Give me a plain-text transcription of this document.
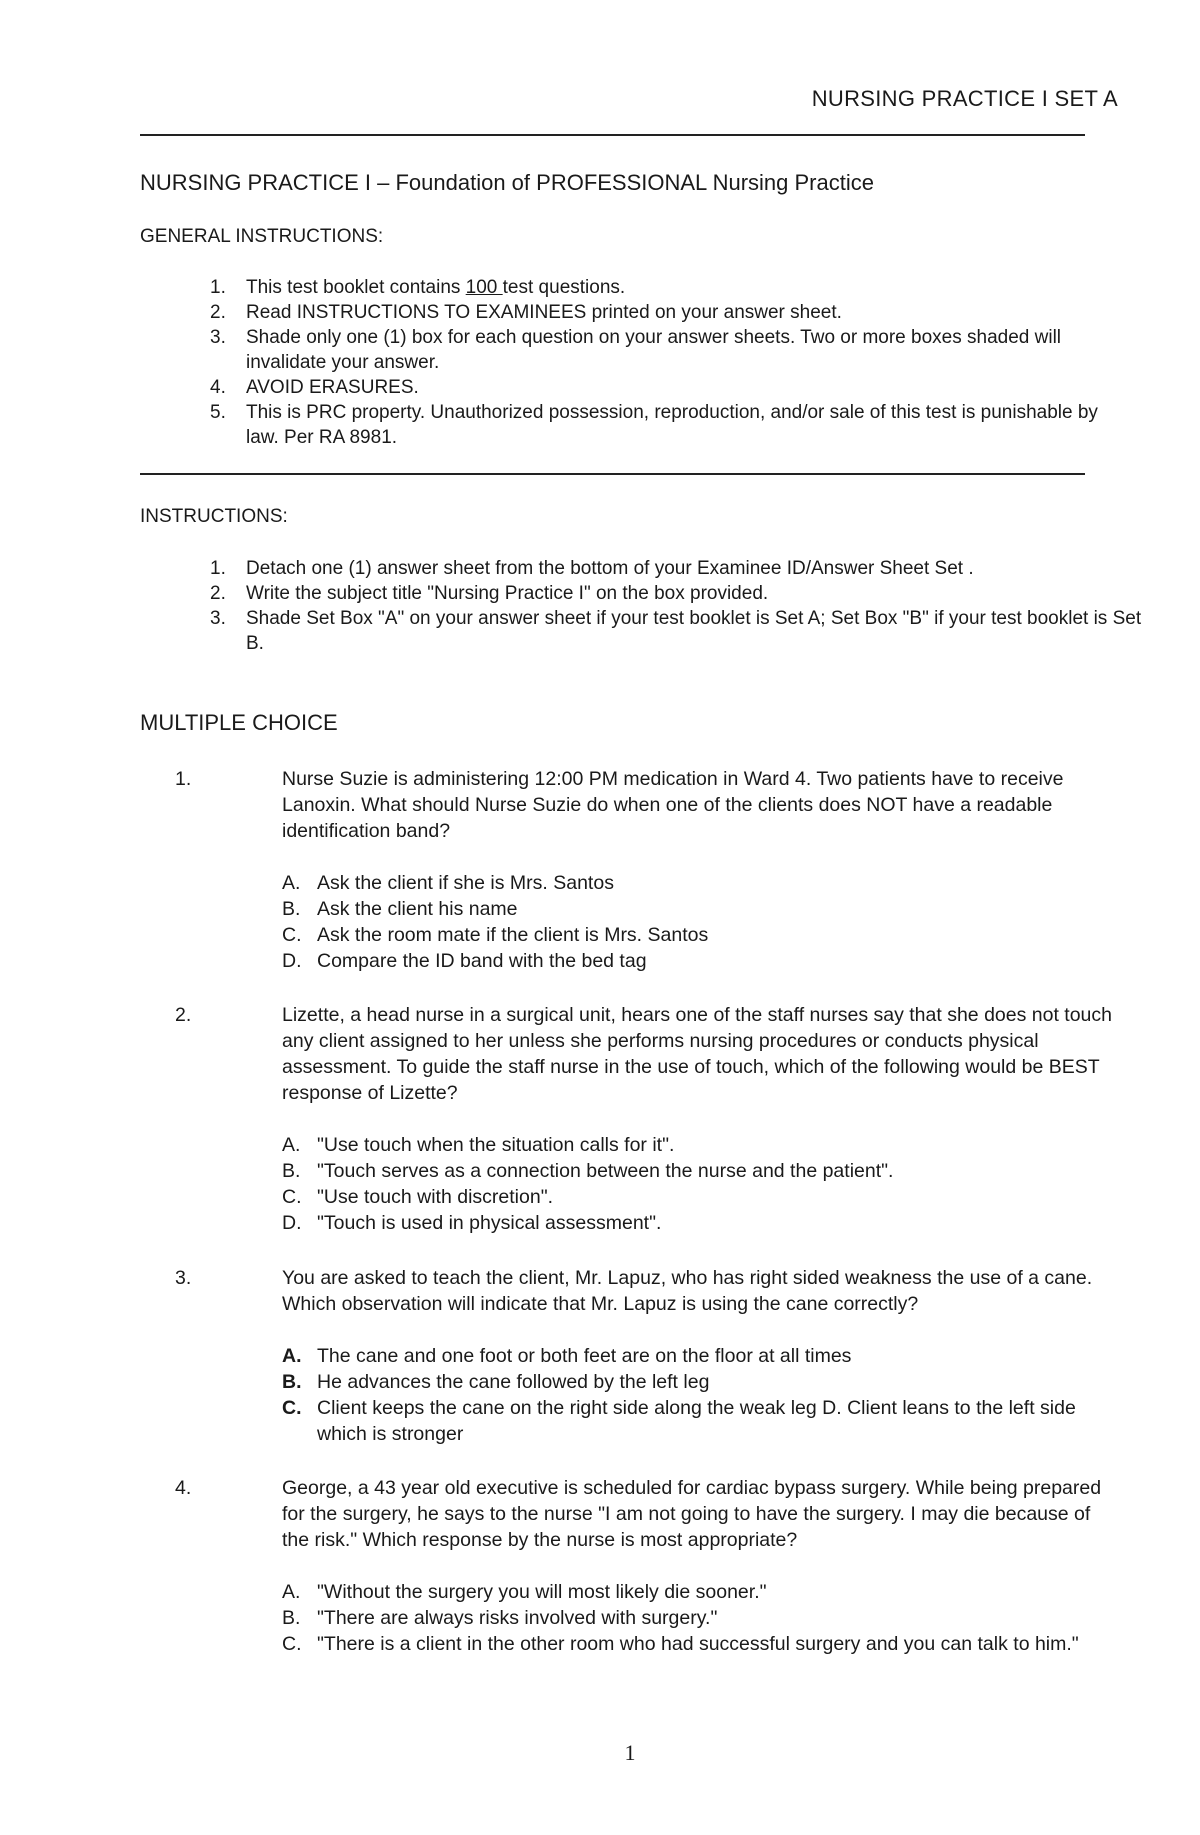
NURSING PRACTICE I SET A
NURSING PRACTICE I – Foundation of PROFESSIONAL Nursing Practice
GENERAL INSTRUCTIONS:
1. This test booklet contains 100 test questions.
2. Read INSTRUCTIONS TO EXAMINEES printed on your answer sheet.
3. Shade only one (1) box for each question on your answer sheets. Two or more boxes shaded will invalidate your answer.
4. AVOID ERASURES.
5. This is PRC property. Unauthorized possession, reproduction, and/or sale of this test is punishable by law. Per RA 8981.
INSTRUCTIONS:
1. Detach one (1) answer sheet from the bottom of your Examinee ID/Answer Sheet Set .
2. Write the subject title "Nursing Practice I" on the box provided.
3. Shade Set Box "A" on your answer sheet if your test booklet is Set A; Set Box "B" if your test booklet is Set B.
MULTIPLE CHOICE
1.	Nurse Suzie is administering 12:00 PM medication in Ward 4. Two patients have to receive Lanoxin. What should Nurse Suzie do when one of the clients does NOT have a readable identification band?
A. Ask the client if she is Mrs. Santos
B. Ask the client his name
C. Ask the room mate if the client is Mrs. Santos
D. Compare the ID band with the bed tag
2.	Lizette, a head nurse in a surgical unit, hears one of the staff nurses say that she does not touch any client assigned to her unless she performs nursing procedures or conducts physical assessment. To guide the staff nurse in the use of touch, which of the following would be BEST response of Lizette?
A. "Use touch when the situation calls for it".
B. "Touch serves as a connection between the nurse and the patient".
C. "Use touch with discretion".
D. "Touch is used in physical assessment".
3.	You are asked to teach the client, Mr. Lapuz, who has right sided weakness the use of a cane. Which observation will indicate that Mr. Lapuz is using the cane correctly?
A. The cane and one foot or both feet are on the floor at all times
B. He advances the cane followed by the left leg
C. Client keeps the cane on the right side along the weak leg D. Client leans to the left side which is stronger
4.	George, a 43 year old executive is scheduled for cardiac bypass surgery. While being prepared for the surgery, he says to the nurse "I am not going to have the surgery. I may die because of the risk." Which response by the nurse is most appropriate?
A. "Without the surgery you will most likely die sooner."
B. "There are always risks involved with surgery."
C. "There is a client in the other room who had successful surgery and you can talk to him."
1
